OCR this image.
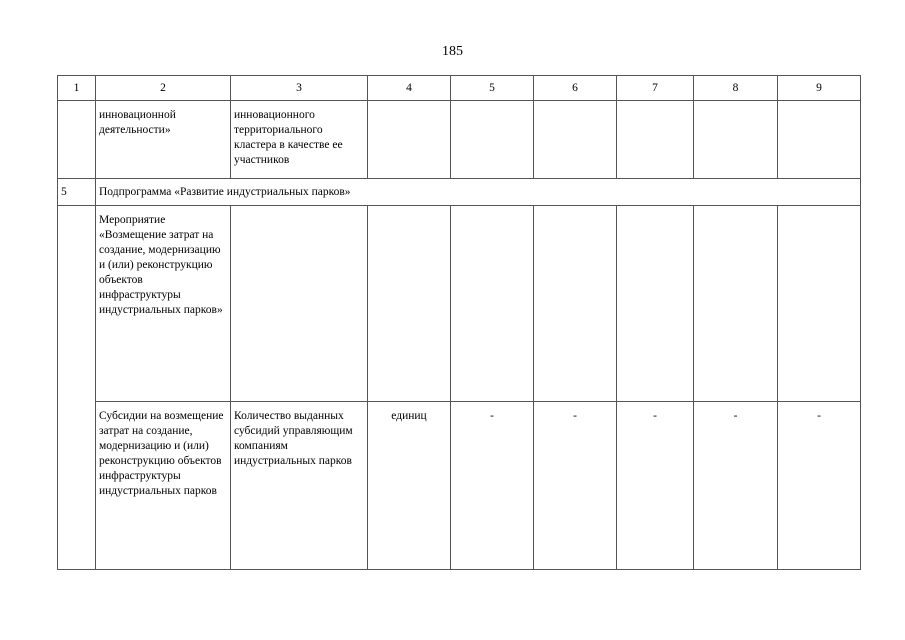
185
1	2	3	4	5	6	7	8	9
	инновационной деятельности»	инновационного территориального кластера в качестве ее участников						
5	Подпрограмма «Развитие индустриальных парков»							
	Мероприятие «Возмещение затрат на создание, модернизацию и (или) реконструкцию объектов инфраструктуры индустриальных парков»							
	Субсидии на возмещение затрат на создание, модернизацию и (или) реконструкцию объектов инфраструктуры индустриальных парков	Количество выданных субсидий управляющим компаниям индустриальных парков	единиц	-	-	-	-	-
